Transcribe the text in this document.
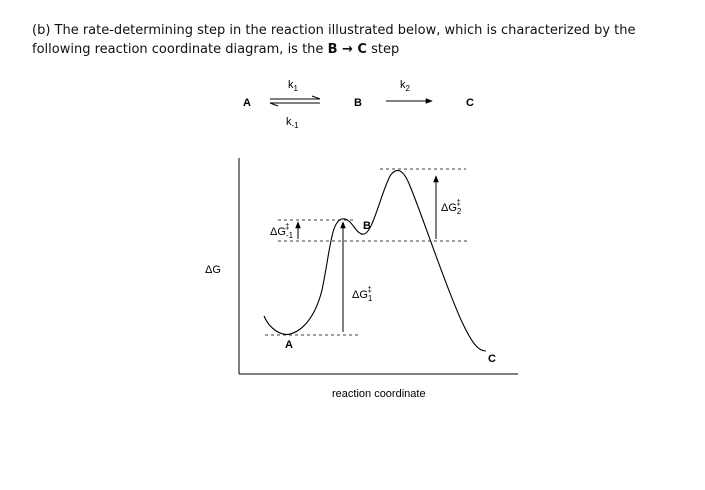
(b) The rate-determining step in the reaction illustrated below, which is characterized by the following reaction coordinate diagram, is the B → C step
A	B	C
$k_1$
$k_{-1}$
$k_2$
ΔG
reaction coordinate
A
B
C
$\Delta G_1\ddagger$
$\Delta G_{-1}\ddagger$
$\Delta G_2\ddagger$
